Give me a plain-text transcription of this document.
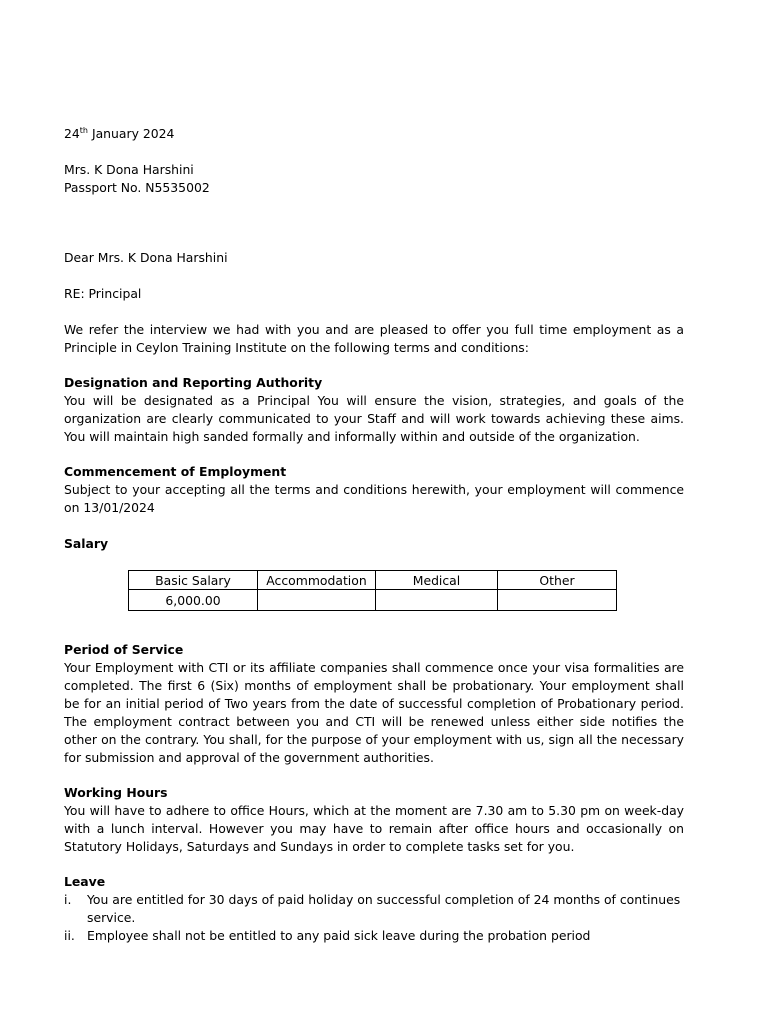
24th January 2024

Mrs. K Dona Harshini

Passport No. N5535002

Dear Mrs. K Dona Harshini

RE: Principal

We refer the interview we had with you and are pleased to offer you full time employment as a Principle in Ceylon Training Institute on the following terms and conditions:

Designation and Reporting Authority

You will be designated as a Principal You will ensure the vision, strategies, and goals of the organization are clearly communicated to your Staff and will work towards achieving these aims. You will maintain high sanded formally and informally within and outside of the organization.

Commencement of Employment

Subject to your accepting all the terms and conditions herewith, your employment will commence on 13/01/2024

Salary

Basic Salary	Accommodation	Medical	Other
6,000.00			

Period of Service

Your Employment with CTI or its affiliate companies shall commence once your visa formalities are completed. The first 6 (Six) months of employment shall be probationary. Your employment shall be for an initial period of Two years from the date of successful completion of Probationary period. The employment contract between you and CTI will be renewed unless either side notifies the other on the contrary. You shall, for the purpose of your employment with us, sign all the necessary for submission and approval of the government authorities.

Working Hours

You will have to adhere to office Hours, which at the moment are 7.30 am to 5.30 pm on week-day with a lunch interval. However you may have to remain after office hours and occasionally on Statutory Holidays, Saturdays and Sundays in order to complete tasks set for you.

Leave

i.	You are entitled for 30 days of paid holiday on successful completion of 24 months of continues service.
ii. Employee shall not be entitled to any paid sick leave during the probation period
